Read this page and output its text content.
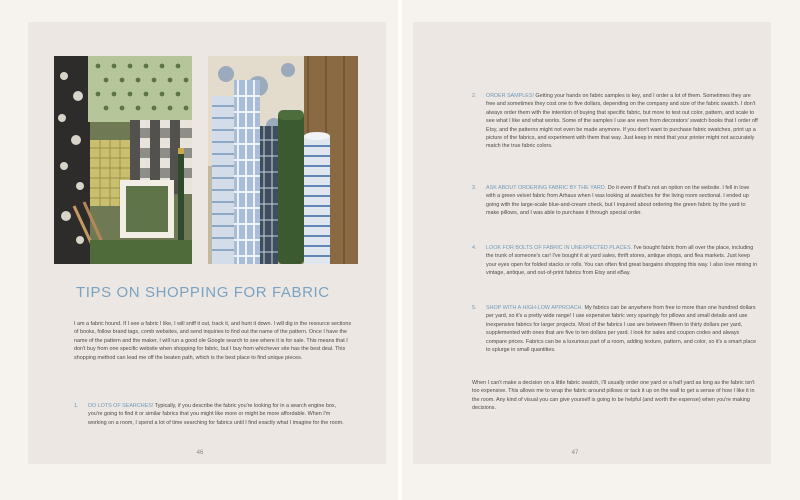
TIPS ON SHOPPING FOR FABRIC
I am a fabric hound. If I see a fabric I like, I will sniff it out, track it, and hunt it down. I will dig in the resource sections of books, follow brand tags, comb websites, and send inquiries to find out the name of the pattern. Once I have the name of the pattern and the maker, I will run a good ole Google search to see where it is for sale. This means that I don't buy from one specific website when shopping for fabric, but I buy from whichever site has the best deal. This shopping method can lead me off the beaten path, which is the best place to find unique pieces.
1.	DO LOTS OF SEARCHES! Typically, if you describe the fabric you're looking for in a search engine box, you're going to find it or similar fabrics that you might like more or might be more affordable. When I'm working on a room, I spend a lot of time searching for fabrics until I find exactly what I imagine for the room.
46
2.	ORDER SAMPLES! Getting your hands on fabric samples is key, and I order a lot of them. Sometimes they are free and sometimes they cost one to five dollars, depending on the company and size of the fabric swatch. I don't always order them with the intention of buying that specific fabric, but more to test out color, pattern, and scale to see what I like and what works. Some of the samples I use are even from decorators' swatch books that I order off Etsy, and the patterns might not even be made anymore. If you don't want to purchase fabric swatches, print up a picture of the fabrics, and experiment with them that way. Just keep in mind that your printer might not accurately match the true fabric colors.
3.	ASK ABOUT ORDERING FABRIC BY THE YARD. Do it even if that's not an option on the website. I fell in love with a green velvet fabric from Arhaus when I was looking at swatches for the living room sectional. I ended up going with the large-scale blue-and-cream check, but I inquired about ordering the green fabric by the yard to make pillows, and I was able to purchase it through special order.
4.	LOOK FOR BOLTS OF FABRIC IN UNEXPECTED PLACES. I've bought fabric from all over the place, including the trunk of someone's car! I've bought it at yard sales, thrift stores, antique shops, and flea markets. Just keep your eyes open for folded stacks or rolls. You can often find great bargains shopping this way. I also love mixing in vintage, antique, and out-of-print fabrics from Etsy and eBay.
5.	SHOP WITH A HIGH-LOW APPROACH. My fabrics can be anywhere from free to more than one hundred dollars per yard, so it's a pretty wide range! I use expensive fabric very sparingly for pillows and small details and use inexpensive fabrics for larger projects. Most of the fabrics I use are between fifteen to thirty dollars per yard, supplemented with ones that are five to ten dollars per yard. I look for sales and coupon codes and always compare prices. Fabrics can be a luxurious part of a room, adding texture, pattern, and color, so it's a smart place to splurge in small quantities.
When I can't make a decision on a little fabric swatch, I'll usually order one yard or a half yard as long as the fabric isn't too expensive. This allows me to wrap the fabric around pillows or tack it up on the wall to get a sense of how I like it in the room. Any kind of visual you can give yourself is going to be helpful (and worth the expense) when you're making decisions.
47
